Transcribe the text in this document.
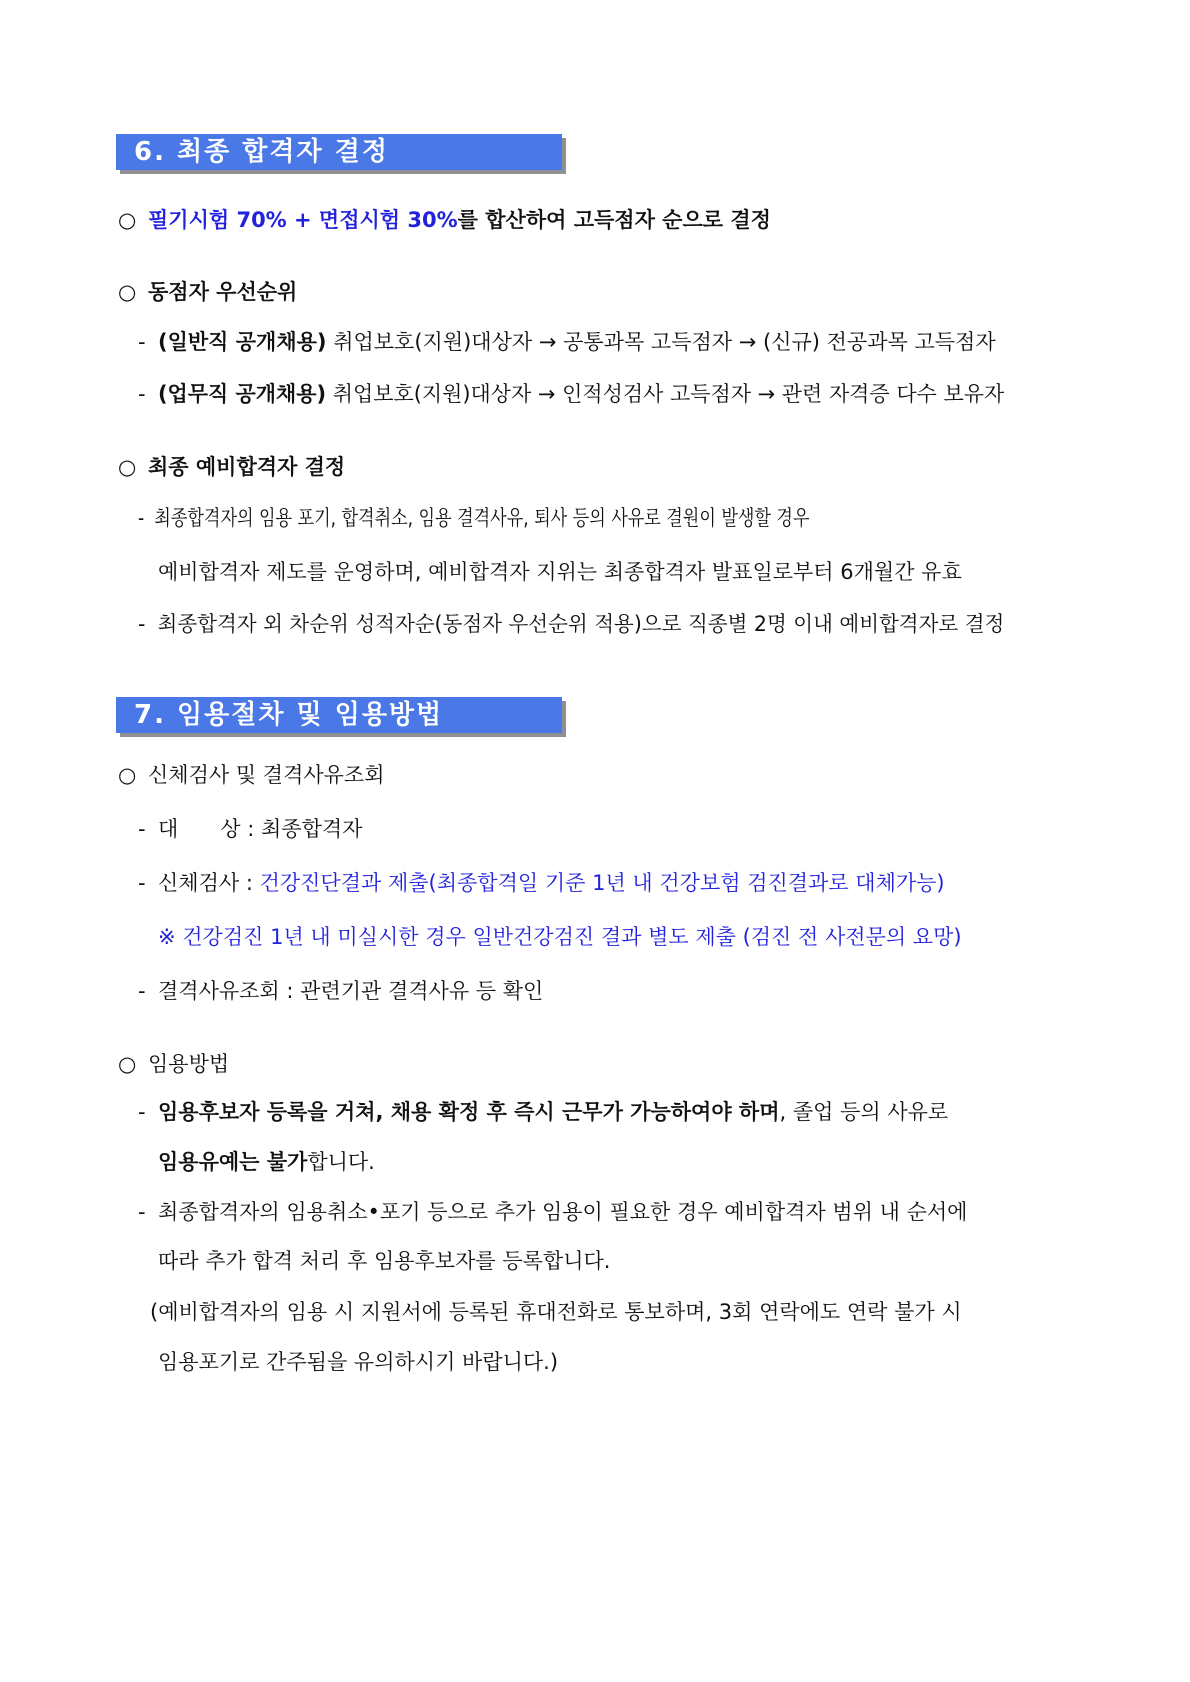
6. 최종 합격자 결정
○ 필기시험 70% + 면접시험 30%를 합산하여 고득점자 순으로 결정
○ 동점자 우선순위
- (일반직 공개채용) 취업보호(지원)대상자 → 공통과목 고득점자 → (신규) 전공과목 고득점자
- (업무직 공개채용) 취업보호(지원)대상자 → 인적성검사 고득점자 → 관련 자격증 다수 보유자
○ 최종 예비합격자 결정
- 최종합격자의 임용 포기, 합격취소, 임용 결격사유, 퇴사 등의 사유로 결원이 발생할 경우
예비합격자 제도를 운영하며, 예비합격자 지위는 최종합격자 발표일로부터 6개월간 유효
- 최종합격자 외 차순위 성적자순(동점자 우선순위 적용)으로 직종별 2명 이내 예비합격자로 결정
7. 임용절차 및 임용방법
○ 신체검사 및 결격사유조회
- 대　　상 : 최종합격자
- 신체검사 : 건강진단결과 제출(최종합격일 기준 1년 내 건강보험 검진결과로 대체가능)
※ 건강검진 1년 내 미실시한 경우 일반건강검진 결과 별도 제출 (검진 전 사전문의 요망)
- 결격사유조회 : 관련기관 결격사유 등 확인
○ 임용방법
- 임용후보자 등록을 거쳐, 채용 확정 후 즉시 근무가 가능하여야 하며, 졸업 등의 사유로
임용유예는 불가합니다.
- 최종합격자의 임용취소•포기 등으로 추가 임용이 필요한 경우 예비합격자 범위 내 순서에
따라 추가 합격 처리 후 임용후보자를 등록합니다.
(예비합격자의 임용 시 지원서에 등록된 휴대전화로 통보하며, 3회 연락에도 연락 불가 시
임용포기로 간주됨을 유의하시기 바랍니다.)
